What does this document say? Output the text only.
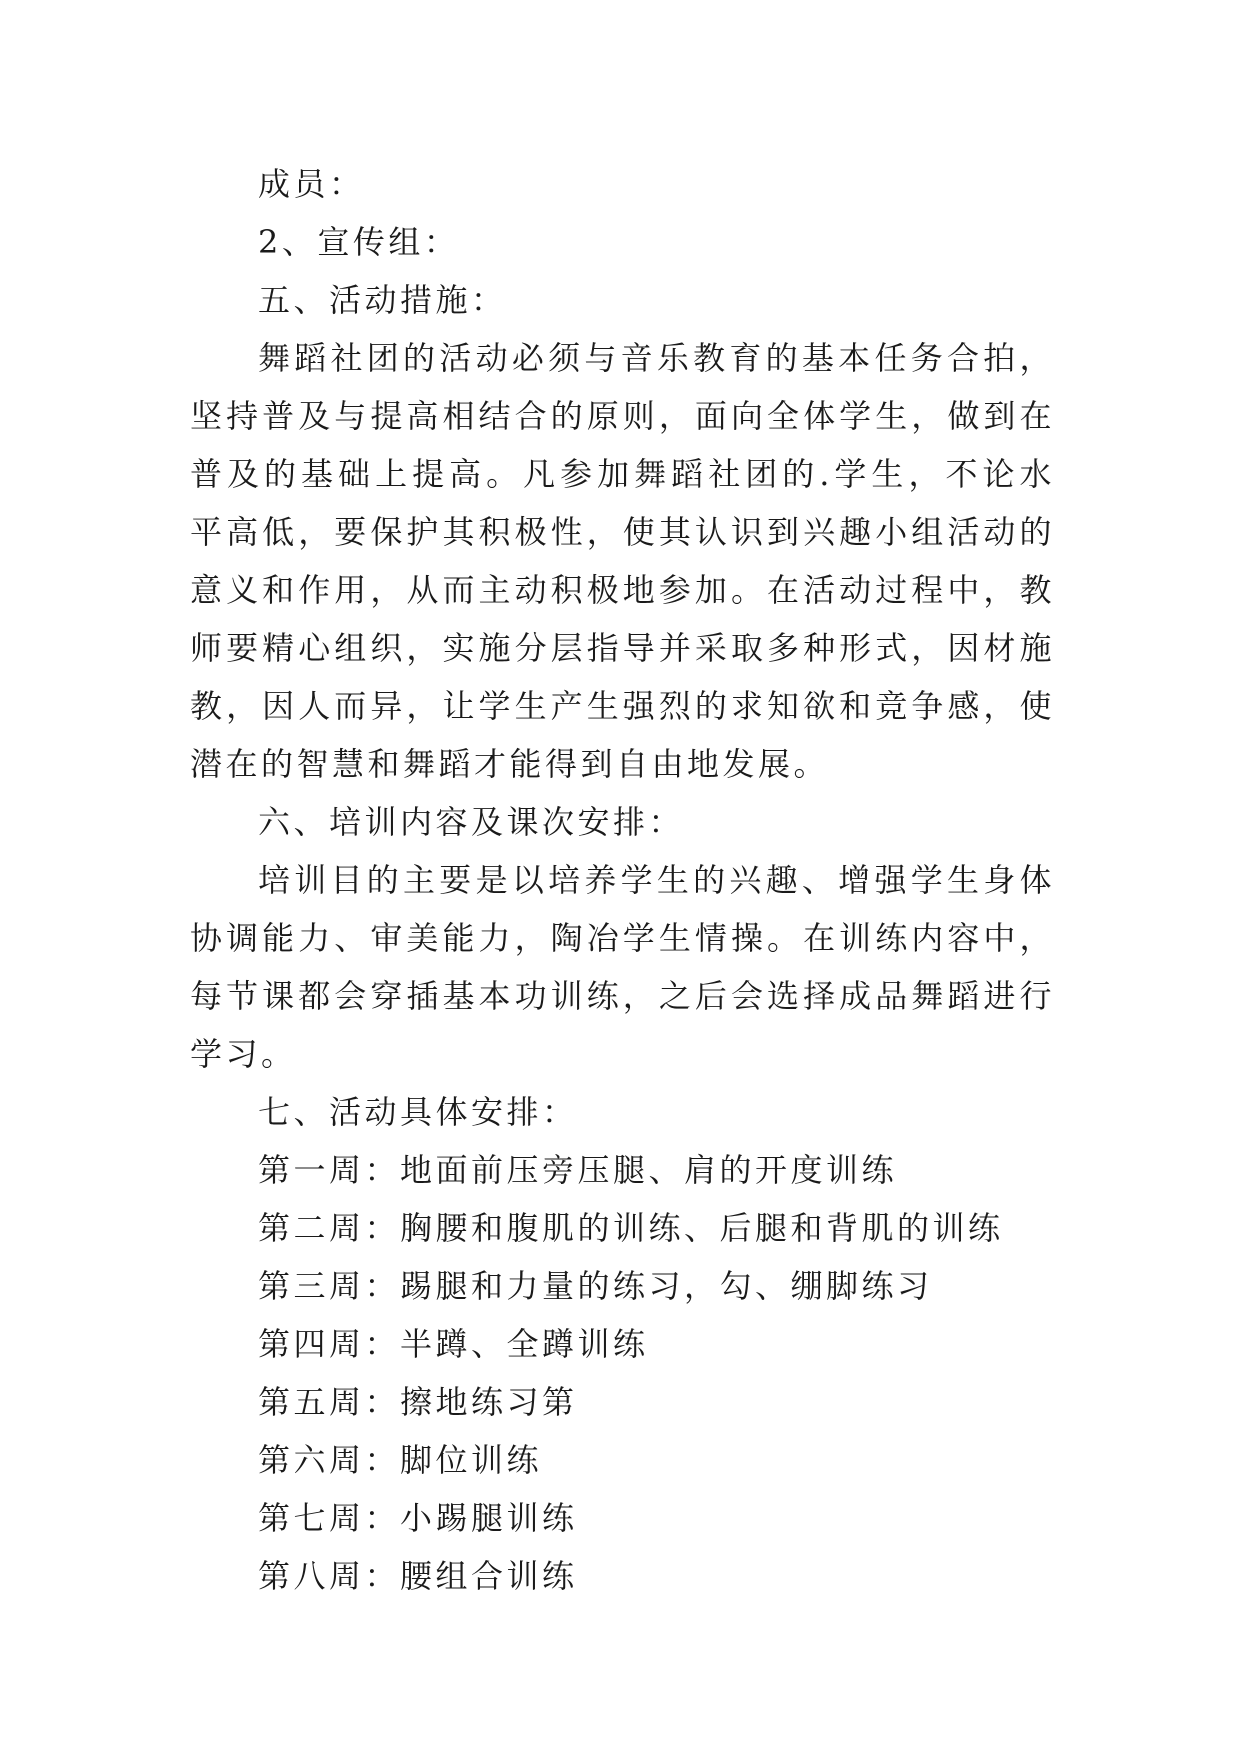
成员：

2、宣传组：

五、活动措施：

舞蹈社团的活动必须与音乐教育的基本任务合拍，坚持普及与提高相结合的原则，面向全体学生，做到在普及的基础上提高。凡参加舞蹈社团的.学生，不论水平高低，要保护其积极性，使其认识到兴趣小组活动的意义和作用，从而主动积极地参加。在活动过程中，教师要精心组织，实施分层指导并采取多种形式，因材施教，因人而异，让学生产生强烈的求知欲和竞争感，使潜在的智慧和舞蹈才能得到自由地发展。

六、培训内容及课次安排：

培训目的主要是以培养学生的兴趣、增强学生身体协调能力、审美能力，陶冶学生情操。在训练内容中，每节课都会穿插基本功训练，之后会选择成品舞蹈进行学习。

七、活动具体安排：

第一周：地面前压旁压腿、肩的开度训练

第二周：胸腰和腹肌的训练、后腿和背肌的训练

第三周：踢腿和力量的练习，勾、绷脚练习

第四周：半蹲、全蹲训练

第五周：擦地练习第

第六周：脚位训练

第七周：小踢腿训练

第八周：腰组合训练
